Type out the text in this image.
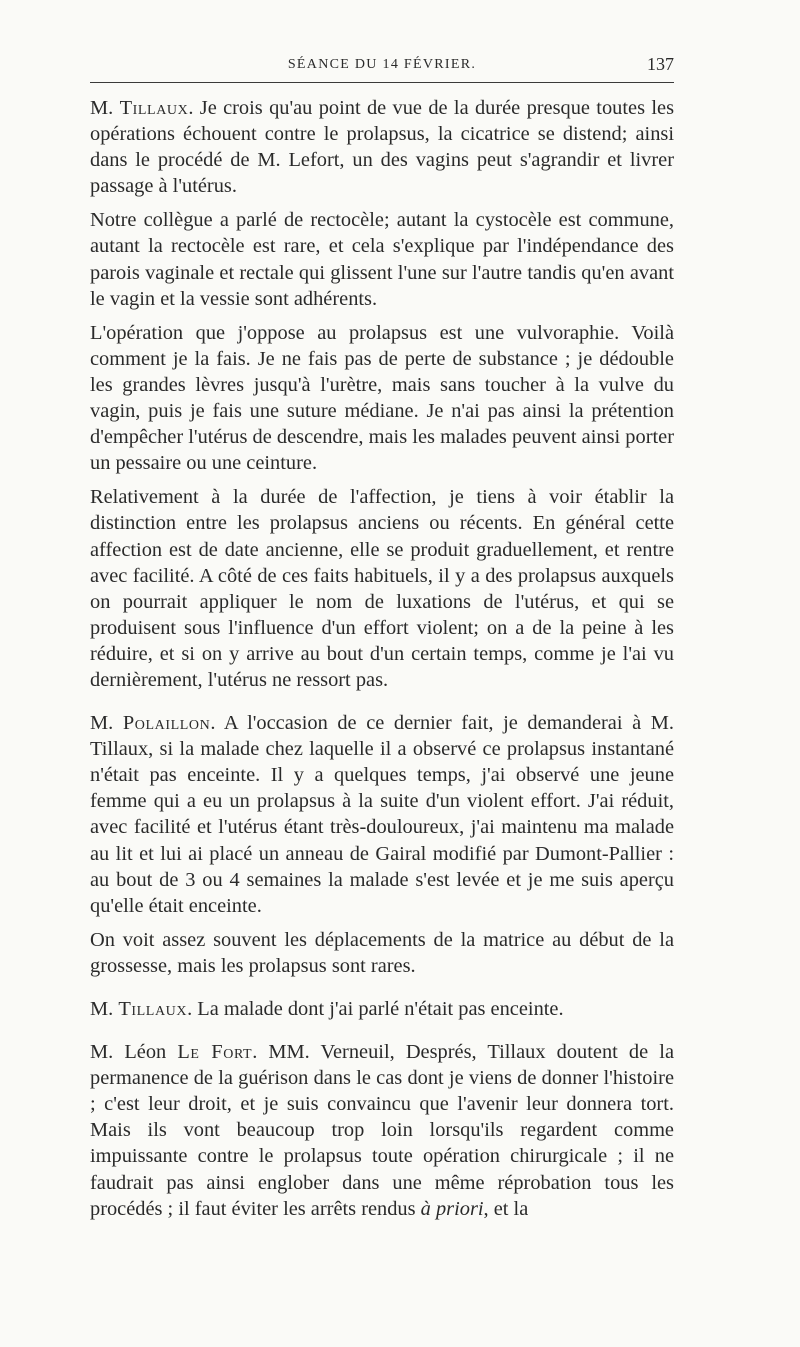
SÉANCE DU 14 FÉVRIER.	137

M. Tillaux. Je crois qu'au point de vue de la durée presque toutes les opérations échouent contre le prolapsus, la cicatrice se distend; ainsi dans le procédé de M. Lefort, un des vagins peut s'agrandir et livrer passage à l'utérus.

Notre collègue a parlé de rectocèle; autant la cystocèle est commune, autant la rectocèle est rare, et cela s'explique par l'indépendance des parois vaginale et rectale qui glissent l'une sur l'autre tandis qu'en avant le vagin et la vessie sont adhérents.

L'opération que j'oppose au prolapsus est une vulvoraphie. Voilà comment je la fais. Je ne fais pas de perte de substance ; je dédouble les grandes lèvres jusqu'à l'urètre, mais sans toucher à la vulve du vagin, puis je fais une suture médiane. Je n'ai pas ainsi la prétention d'empêcher l'utérus de descendre, mais les malades peuvent ainsi porter un pessaire ou une ceinture.

Relativement à la durée de l'affection, je tiens à voir établir la distinction entre les prolapsus anciens ou récents. En général cette affection est de date ancienne, elle se produit graduellement, et rentre avec facilité. A côté de ces faits habituels, il y a des prolapsus auxquels on pourrait appliquer le nom de luxations de l'utérus, et qui se produisent sous l'influence d'un effort violent; on a de la peine à les réduire, et si on y arrive au bout d'un certain temps, comme je l'ai vu dernièrement, l'utérus ne ressort pas.

M. Polaillon. A l'occasion de ce dernier fait, je demanderai à M. Tillaux, si la malade chez laquelle il a observé ce prolapsus instantané n'était pas enceinte. Il y a quelques temps, j'ai observé une jeune femme qui a eu un prolapsus à la suite d'un violent effort. J'ai réduit, avec facilité et l'utérus étant très-douloureux, j'ai maintenu ma malade au lit et lui ai placé un anneau de Gairal modifié par Dumont-Pallier : au bout de 3 ou 4 semaines la malade s'est levée et je me suis aperçu qu'elle était enceinte.

On voit assez souvent les déplacements de la matrice au début de la grossesse, mais les prolapsus sont rares.

M. Tillaux. La malade dont j'ai parlé n'était pas enceinte.

M. Léon Le Fort. MM. Verneuil, Després, Tillaux doutent de la permanence de la guérison dans le cas dont je viens de donner l'histoire ; c'est leur droit, et je suis convaincu que l'avenir leur donnera tort. Mais ils vont beaucoup trop loin lorsqu'ils regardent comme impuissante contre le prolapsus toute opération chirurgicale ; il ne faudrait pas ainsi englober dans une même réprobation tous les procédés ; il faut éviter les arrêts rendus à priori, et la
